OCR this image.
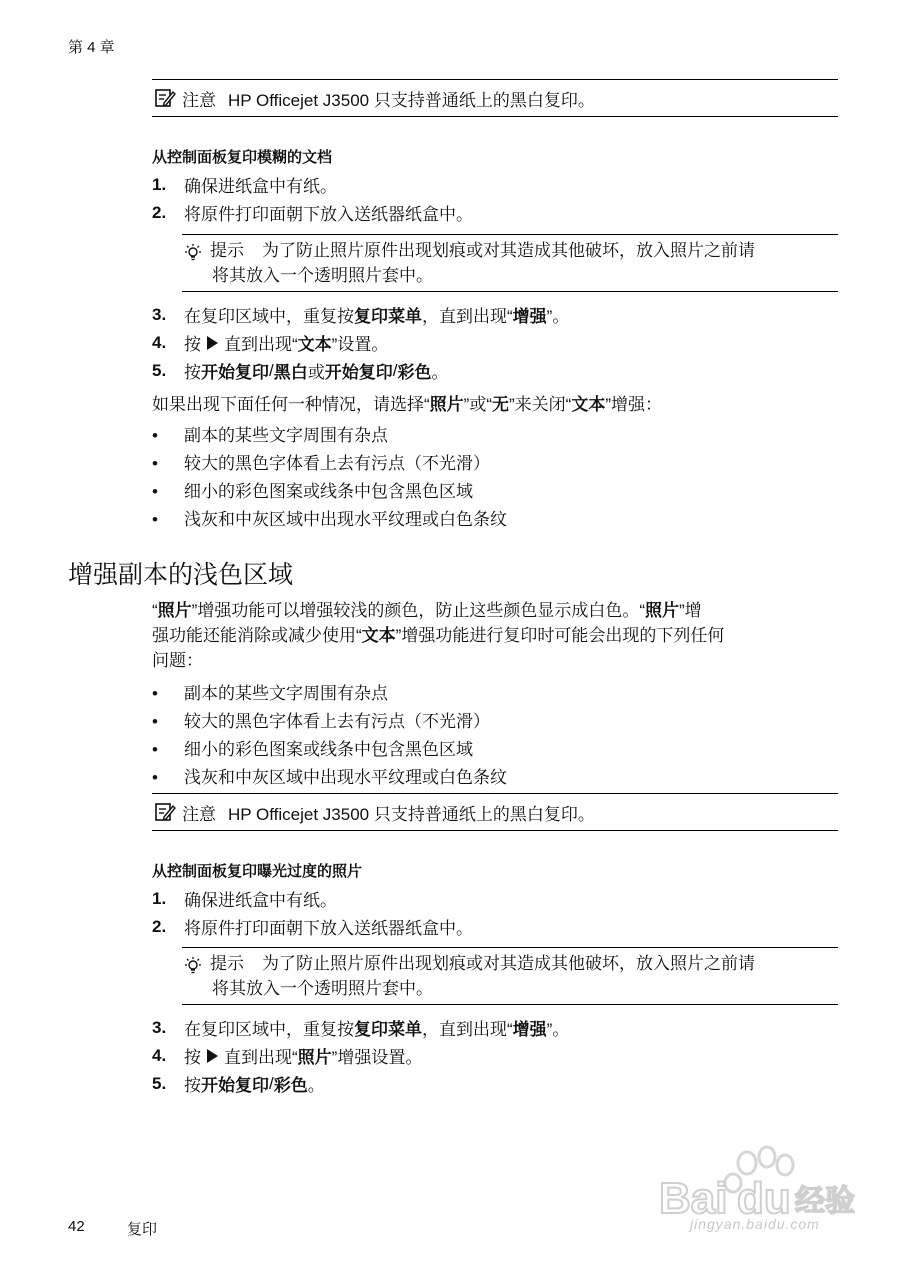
第 4 章
注意 HP Officejet J3500 只支持普通纸上的黑白复印。
从控制面板复印模糊的文档
1.	确保进纸盒中有纸。
2.	将原件打印面朝下放入送纸器纸盒中。
提示 为了防止照片原件出现划痕或对其造成其他破坏，放入照片之前请
将其放入一个透明照片套中。
3.	在复印区域中，重复按 复印菜单 ，直到出现“ 增强 ”。
4.	按 直到出现“ 文本 ”设置。
5.	按 开始复印 / 黑白 或 开始复印 / 彩色 。
如果出现下面任何一种情况，请选择“照片”或“无”来关闭“文本”增强：
• 副本的某些文字周围有杂点
• 较大的黑色字体看上去有污点（不光滑）
• 细小的彩色图案或线条中包含黑色区域
• 浅灰和中灰区域中出现水平纹理或白色条纹
增强副本的浅色区域
“照片”增强功能可以增强较浅的颜色，防止这些颜色显示成白色。“照片”增
强功能还能消除或减少使用“文本”增强功能进行复印时可能会出现的下列任何
问题：
• 副本的某些文字周围有杂点
• 较大的黑色字体看上去有污点（不光滑）
• 细小的彩色图案或线条中包含黑色区域
• 浅灰和中灰区域中出现水平纹理或白色条纹
注意 HP Officejet J3500 只支持普通纸上的黑白复印。
从控制面板复印曝光过度的照片
1.	确保进纸盒中有纸。
2.	将原件打印面朝下放入送纸器纸盒中。
提示 为了防止照片原件出现划痕或对其造成其他破坏，放入照片之前请
将其放入一个透明照片套中。
3.	在复印区域中，重复按 复印菜单 ，直到出现“ 增强 ”。
4.	按 直到出现“ 照片 ”增强设置。
5.	按 开始复印 / 彩色 。
42	复印
Bai du 经验
jingyan.baidu.com
